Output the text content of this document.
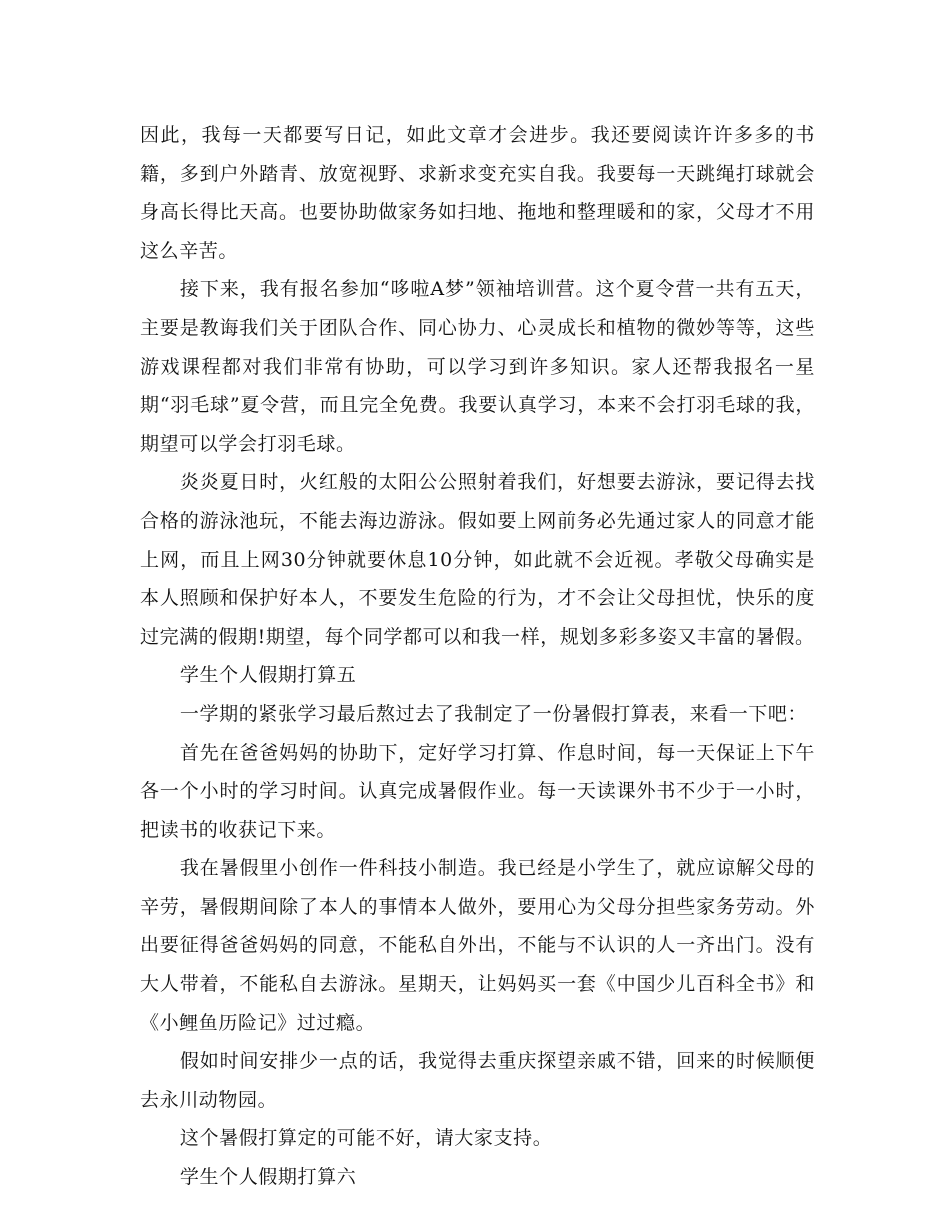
因此，我每一天都要写日记，如此文章才会进步。我还要阅读许许多多的书籍，多到户外踏青、放宽视野、求新求变充实自我。我要每一天跳绳打球就会身高长得比天高。也要协助做家务如扫地、拖地和整理暖和的家，父母才不用这么辛苦。

接下来，我有报名参加“哆啦A梦”领袖培训营。这个夏令营一共有五天，主要是教诲我们关于团队合作、同心协力、心灵成长和植物的微妙等等，这些游戏课程都对我们非常有协助，可以学习到许多知识。家人还帮我报名一星期“羽毛球”夏令营，而且完全免费。我要认真学习，本来不会打羽毛球的我，期望可以学会打羽毛球。

炎炎夏日时，火红般的太阳公公照射着我们，好想要去游泳，要记得去找合格的游泳池玩，不能去海边游泳。假如要上网前务必先通过家人的同意才能上网，而且上网30分钟就要休息10分钟，如此就不会近视。孝敬父母确实是本人照顾和保护好本人，不要发生危险的行为，才不会让父母担忧，快乐的度过完满的假期!期望，每个同学都可以和我一样，规划多彩多姿又丰富的暑假。

学生个人假期打算五

一学期的紧张学习最后熬过去了我制定了一份暑假打算表，来看一下吧：

首先在爸爸妈妈的协助下，定好学习打算、作息时间，每一天保证上下午各一个小时的学习时间。认真完成暑假作业。每一天读课外书不少于一小时，把读书的收获记下来。

我在暑假里小创作一件科技小制造。我已经是小学生了，就应谅解父母的辛劳，暑假期间除了本人的事情本人做外，要用心为父母分担些家务劳动。外出要征得爸爸妈妈的同意，不能私自外出，不能与不认识的人一齐出门。没有大人带着，不能私自去游泳。星期天，让妈妈买一套《中国少儿百科全书》和《小鲤鱼历险记》过过瘾。

假如时间安排少一点的话，我觉得去重庆探望亲戚不错，回来的时候顺便去永川动物园。

这个暑假打算定的可能不好，请大家支持。

学生个人假期打算六
